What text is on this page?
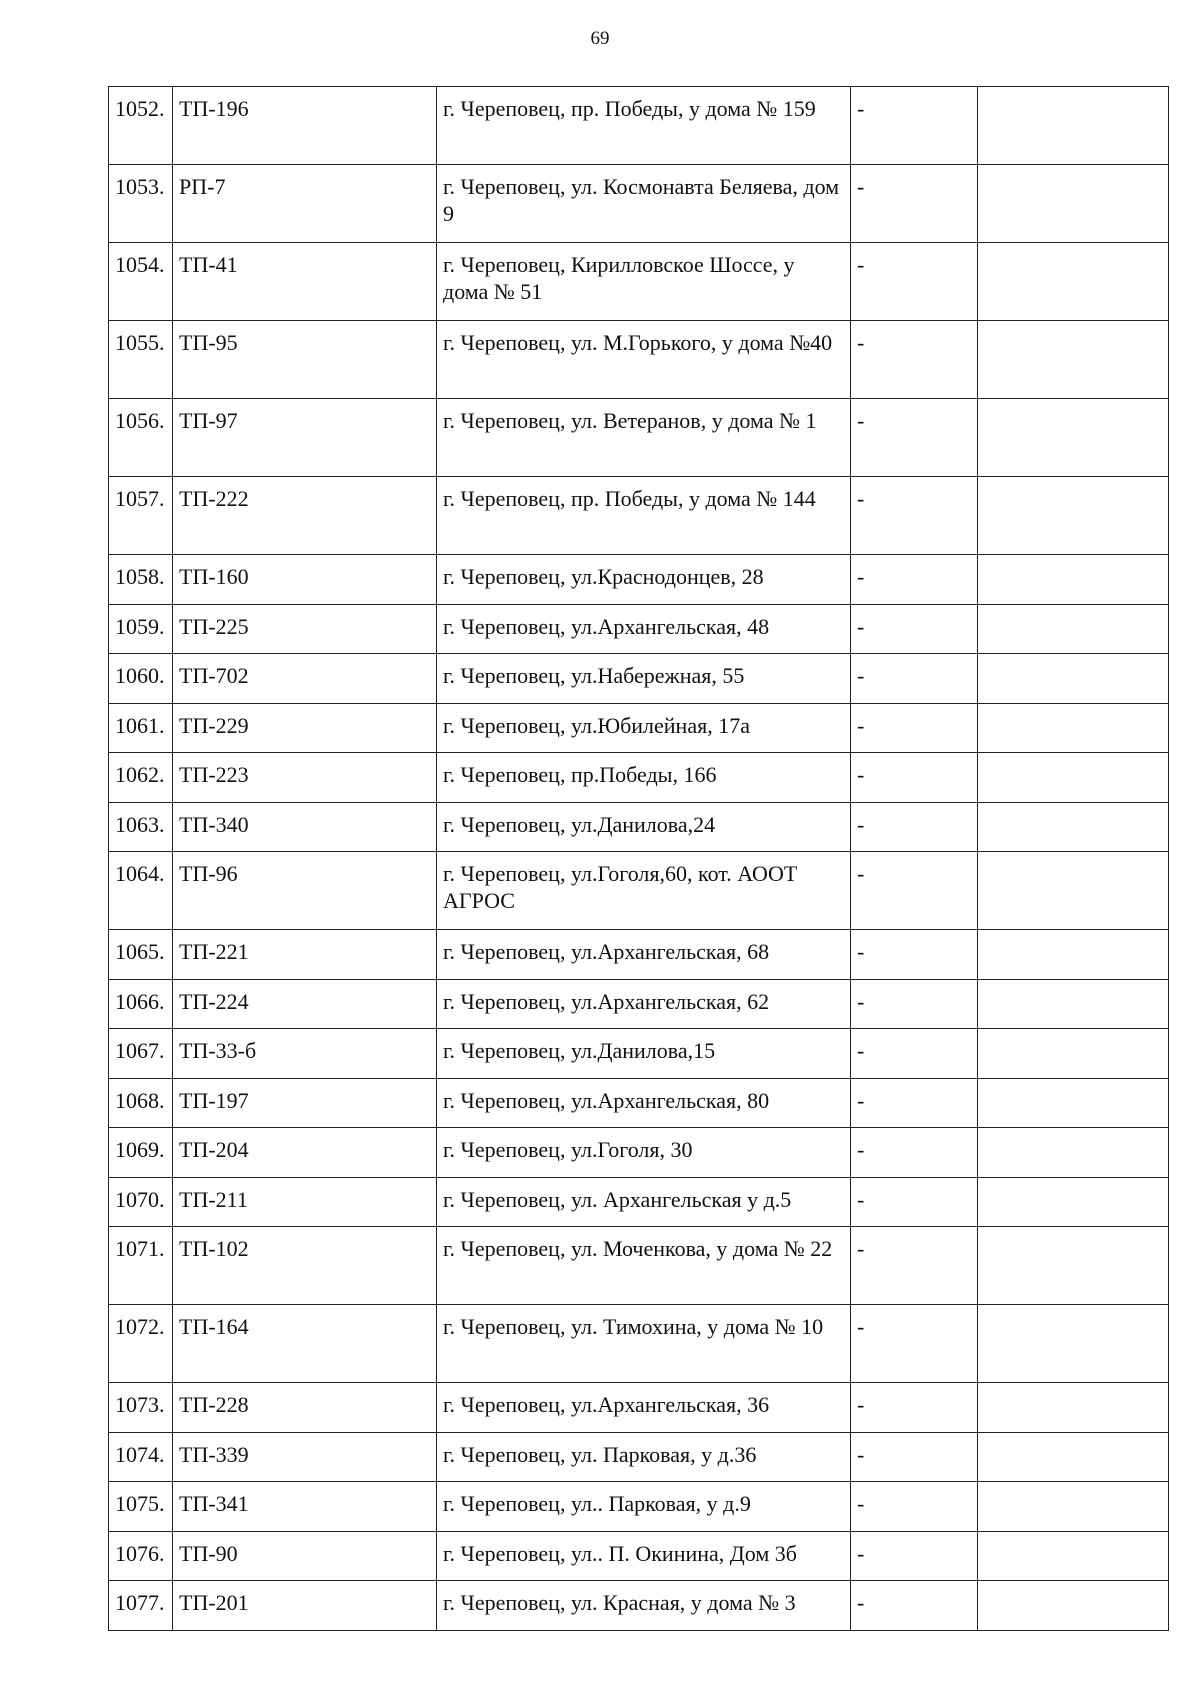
69
1052.	ТП-196	г. Череповец, пр. Победы, у дома № 159	-	
1053.	РП-7	г. Череповец, ул. Космонавта Беляева, дом 9	-	
1054.	ТП-41	г. Череповец, Кирилловское Шоссе, у дома № 51	-	
1055.	ТП-95	г. Череповец, ул. М.Горького, у дома №40	-	
1056.	ТП-97	г. Череповец, ул. Ветеранов, у дома № 1	-	
1057.	ТП-222	г. Череповец, пр. Победы, у дома № 144	-	
1058.	ТП-160	г. Череповец, ул.Краснодонцев, 28	-	
1059.	ТП-225	г. Череповец, ул.Архангельская, 48	-	
1060.	ТП-702	г. Череповец, ул.Набережная, 55	-	
1061.	ТП-229	г. Череповец, ул.Юбилейная, 17а	-	
1062.	ТП-223	г. Череповец, пр.Победы, 166	-	
1063.	ТП-340	г. Череповец, ул.Данилова,24	-	
1064.	ТП-96	г. Череповец, ул.Гоголя,60, кот. АООТ АГРОС	-	
1065.	ТП-221	г. Череповец, ул.Архангельская, 68	-	
1066.	ТП-224	г. Череповец, ул.Архангельская, 62	-	
1067.	ТП-33-б	г. Череповец, ул.Данилова,15	-	
1068.	ТП-197	г. Череповец, ул.Архангельская, 80	-	
1069.	ТП-204	г. Череповец, ул.Гоголя, 30	-	
1070.	ТП-211	г. Череповец, ул. Архангельская у д.5	-	
1071.	ТП-102	г. Череповец, ул. Моченкова, у дома № 22	-	
1072.	ТП-164	г. Череповец, ул. Тимохина, у дома № 10	-	
1073.	ТП-228	г. Череповец, ул.Архангельская, 36	-	
1074.	ТП-339	г. Череповец, ул. Парковая, у д.36	-	
1075.	ТП-341	г. Череповец, ул.. Парковая, у д.9	-	
1076.	ТП-90	г. Череповец, ул.. П. Окинина, Дом 3б	-	
1077.	ТП-201	г. Череповец, ул. Красная, у дома № 3	-	
